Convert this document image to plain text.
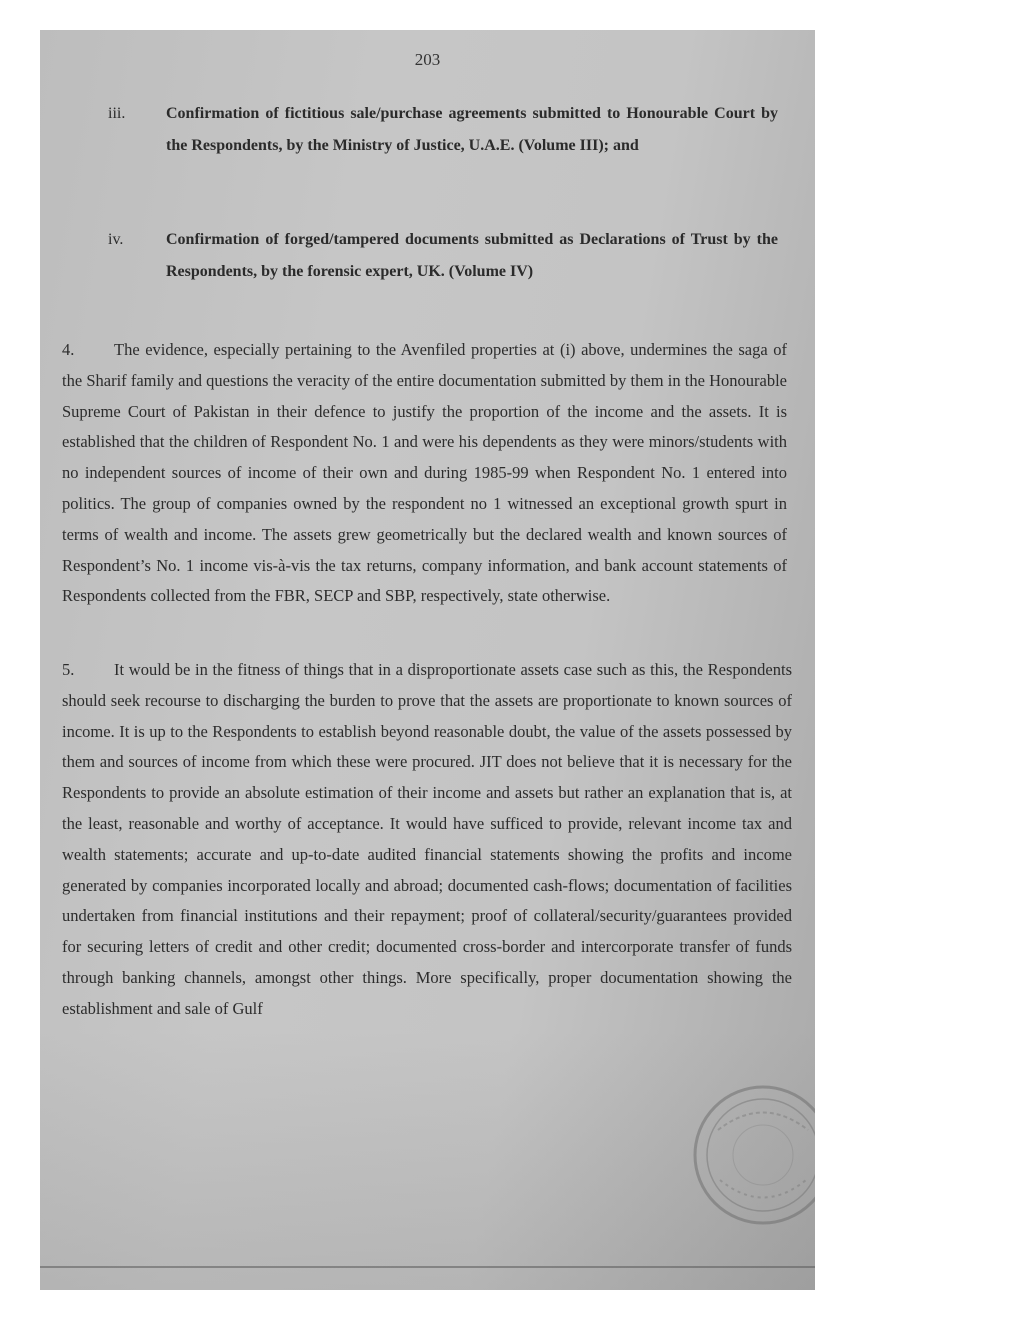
203
iii.	Confirmation of fictitious sale/purchase agreements submitted to Honourable Court by the Respondents, by the Ministry of Justice, U.A.E. (Volume III); and
iv.	Confirmation of forged/tampered documents submitted as Declarations of Trust by the Respondents, by the forensic expert, UK. (Volume IV)
4. The evidence, especially pertaining to the Avenfiled properties at (i) above, undermines the saga of the Sharif family and questions the veracity of the entire documentation submitted by them in the Honourable Supreme Court of Pakistan in their defence to justify the proportion of the income and the assets. It is established that the children of Respondent No. 1 and were his dependents as they were minors/students with no independent sources of income of their own and during 1985-99 when Respondent No. 1 entered into politics. The group of companies owned by the respondent no 1 witnessed an exceptional growth spurt in terms of wealth and income. The assets grew geometrically but the declared wealth and known sources of Respondent’s No. 1 income vis-à-vis the tax returns, company information, and bank account statements of Respondents collected from the FBR, SECP and SBP, respectively, state otherwise.
5. It would be in the fitness of things that in a disproportionate assets case such as this, the Respondents should seek recourse to discharging the burden to prove that the assets are proportionate to known sources of income. It is up to the Respondents to establish beyond reasonable doubt, the value of the assets possessed by them and sources of income from which these were procured. JIT does not believe that it is necessary for the Respondents to provide an absolute estimation of their income and assets but rather an explanation that is, at the least, reasonable and worthy of acceptance. It would have sufficed to provide, relevant income tax and wealth statements; accurate and up-to-date audited financial statements showing the profits and income generated by companies incorporated locally and abroad; documented cash-flows; documentation of facilities undertaken from financial institutions and their repayment; proof of collateral/security/guarantees provided for securing letters of credit and other credit; documented cross-border and intercorporate transfer of funds through banking channels, amongst other things. More specifically, proper documentation showing the establishment and sale of Gulf
